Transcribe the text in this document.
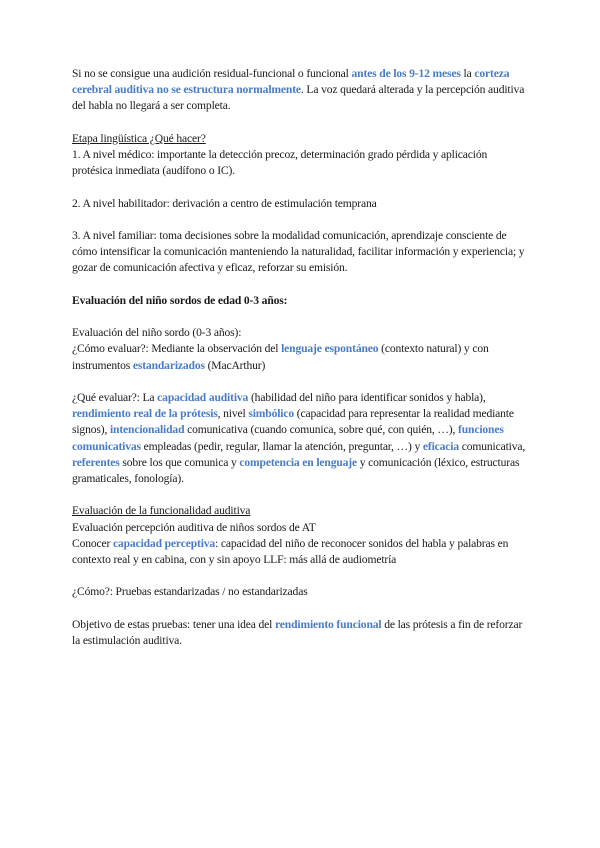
Si no se consigue una audición residual-funcional o funcional antes de los 9-12 meses la corteza cerebral auditiva no se estructura normalmente. La voz quedará alterada y la percepción auditiva del habla no llegará a ser completa.

Etapa lingüística ¿Qué hacer?

1. A nivel médico: importante la detección precoz, determinación grado pérdida y aplicación protésica inmediata (audífono o IC).

2. A nivel habilitador: derivación a centro de estimulación temprana

3. A nivel familiar: toma decisiones sobre la modalidad comunicación, aprendizaje consciente de cómo intensificar la comunicación manteniendo la naturalidad, facilitar información y experiencia; y gozar de comunicación afectiva y eficaz, reforzar su emisión.

Evaluación del niño sordos de edad 0-3 años:

Evaluación del niño sordo (0-3 años):

¿Cómo evaluar?: Mediante la observación del lenguaje espontáneo (contexto natural) y con instrumentos estandarizados (MacArthur)

¿Qué evaluar?: La capacidad auditiva (habilidad del niño para identificar sonidos y habla), rendimiento real de la prótesis, nivel simbólico (capacidad para representar la realidad mediante signos), intencionalidad comunicativa (cuando comunica, sobre qué, con quién, …), funciones comunicativas empleadas (pedir, regular, llamar la atención, preguntar, …) y eficacia comunicativa, referentes sobre los que comunica y competencia en lenguaje y comunicación (léxico, estructuras gramaticales, fonología).

Evaluación de la funcionalidad auditiva

Evaluación percepción auditiva de niños sordos de AT

Conocer capacidad perceptiva: capacidad del niño de reconocer sonidos del habla y palabras en contexto real y en cabina, con y sin apoyo LLF: más allá de audiometría

¿Cómo?: Pruebas estandarizadas / no estandarizadas

Objetivo de estas pruebas: tener una idea del rendimiento funcional de las prótesis a fin de reforzar la estimulación auditiva.
